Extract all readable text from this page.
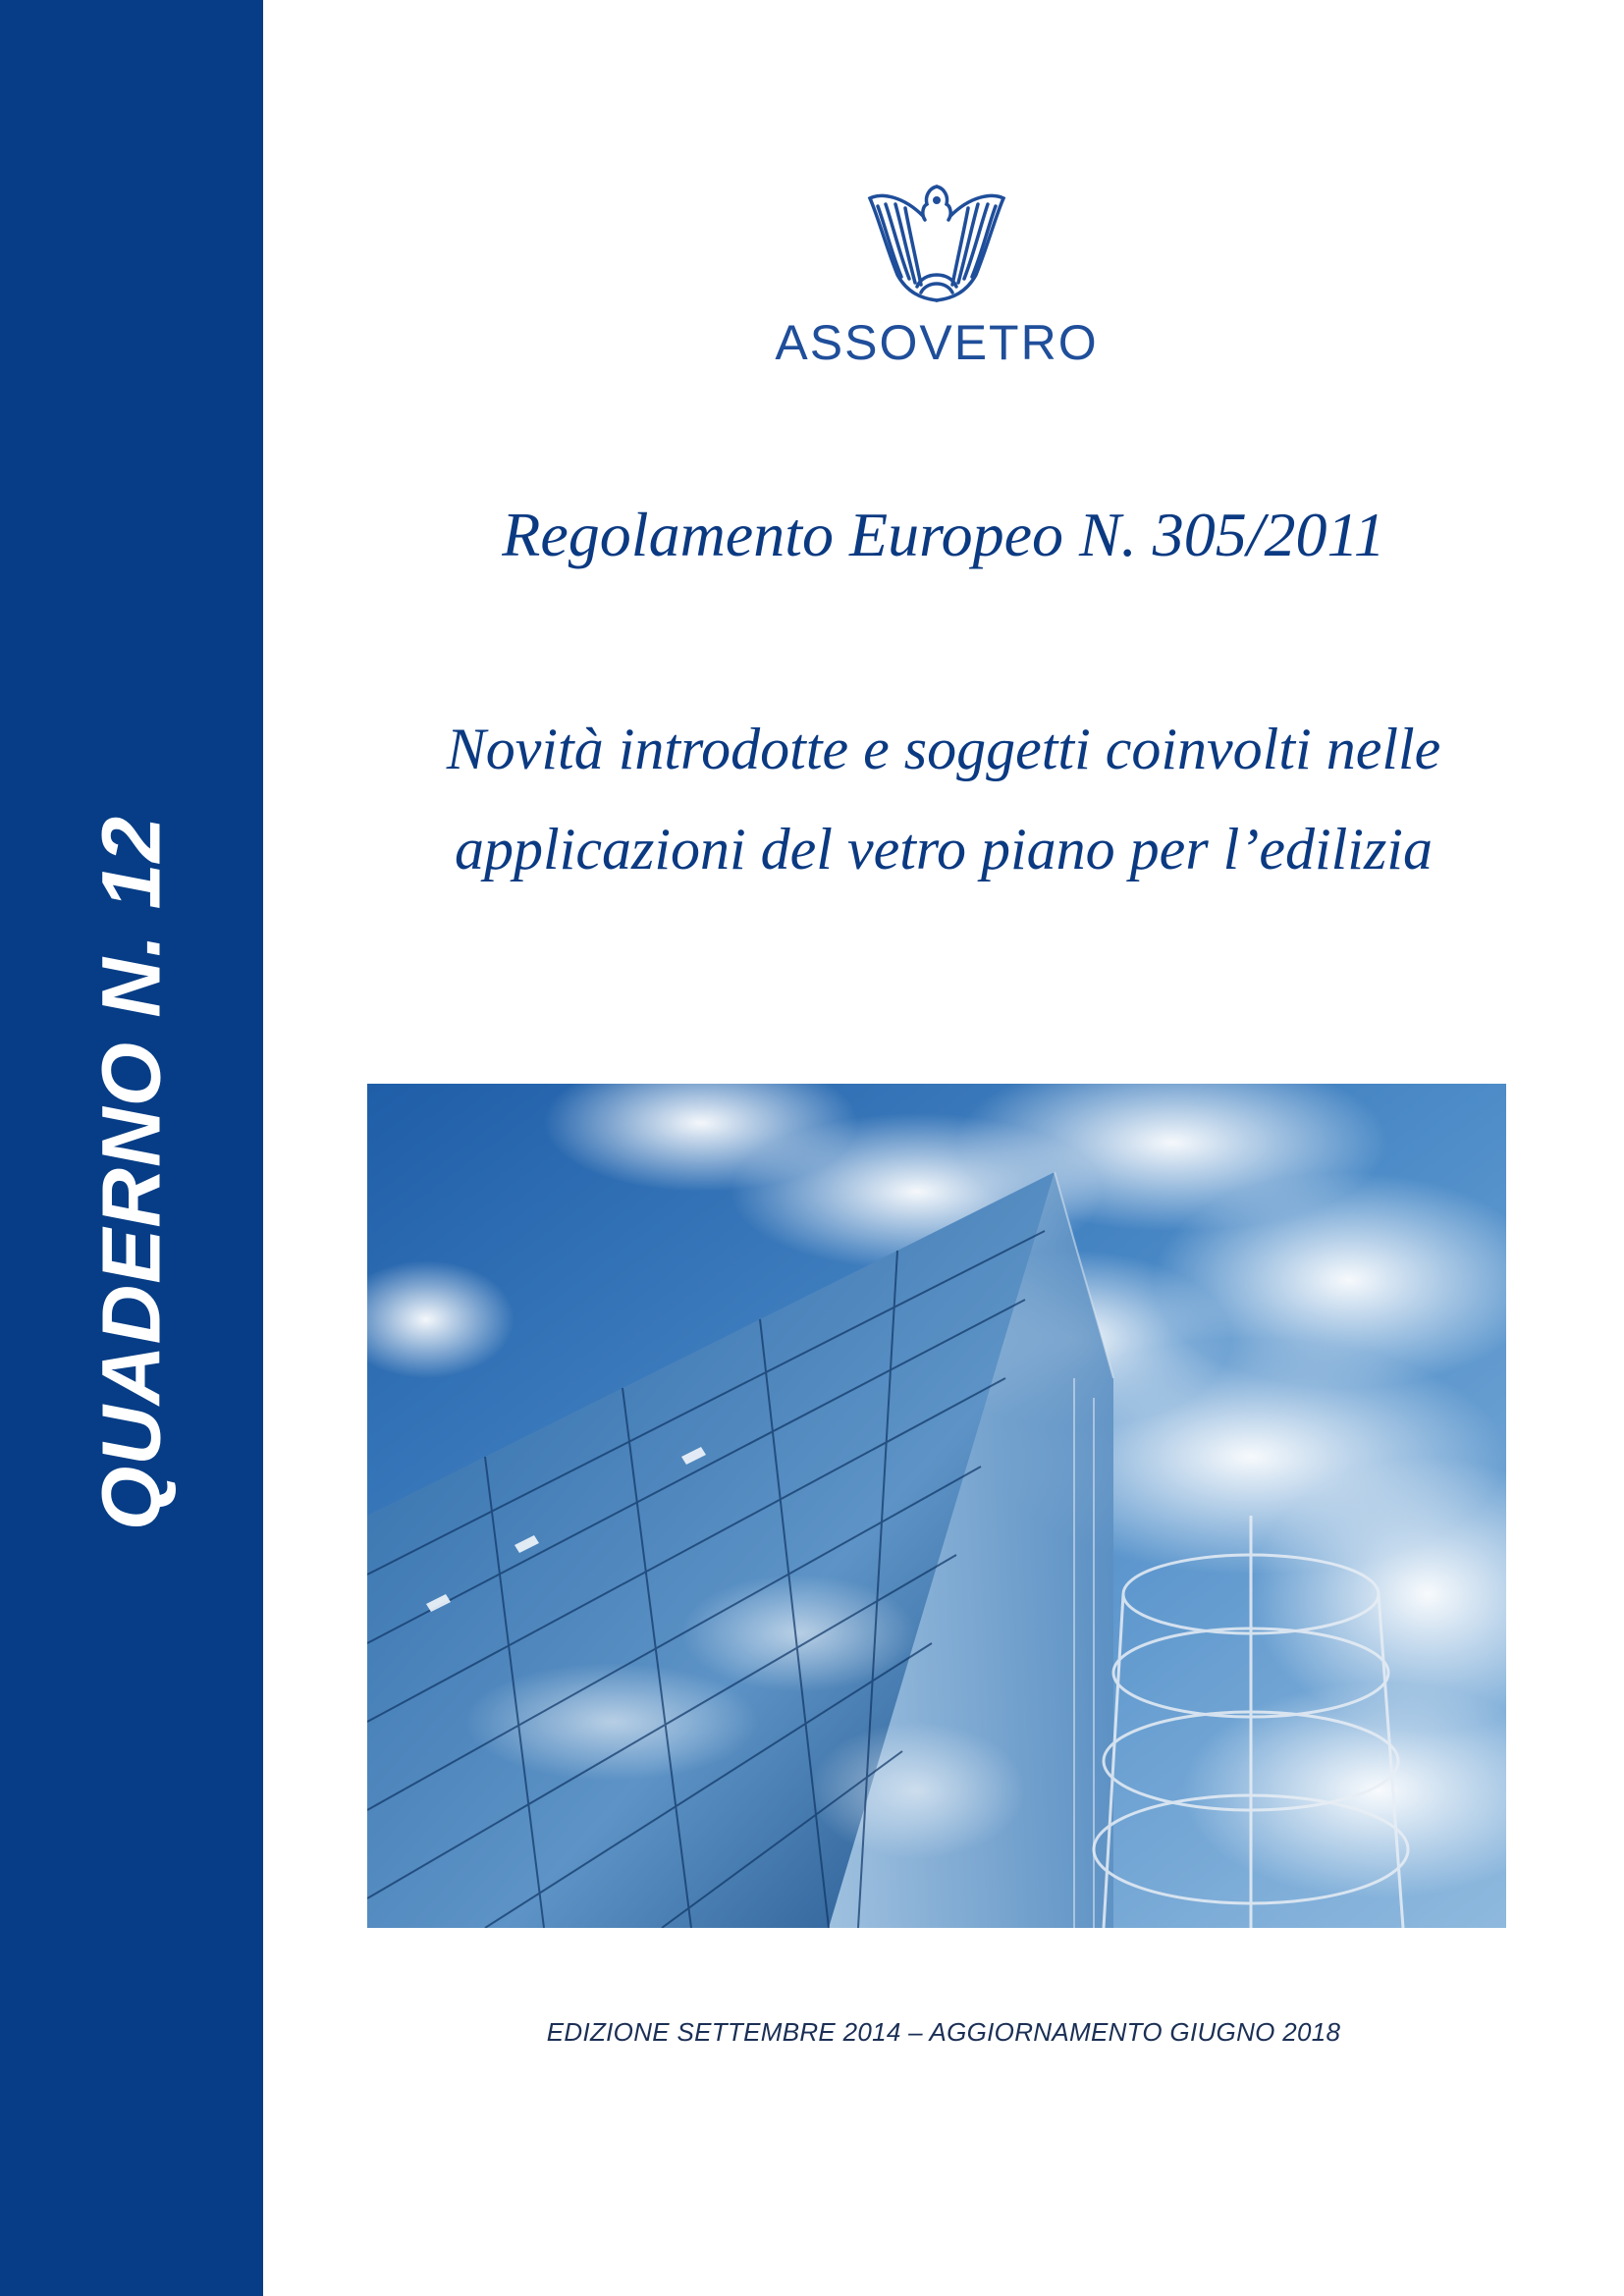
QUADERNO N. 12
ASSOVETRO
Regolamento Europeo N. 305/2011
Novità introdotte e soggetti coinvolti nelle
applicazioni del vetro piano per l’edilizia
EDIZIONE SETTEMBRE 2014 – AGGIORNAMENTO GIUGNO 2018
